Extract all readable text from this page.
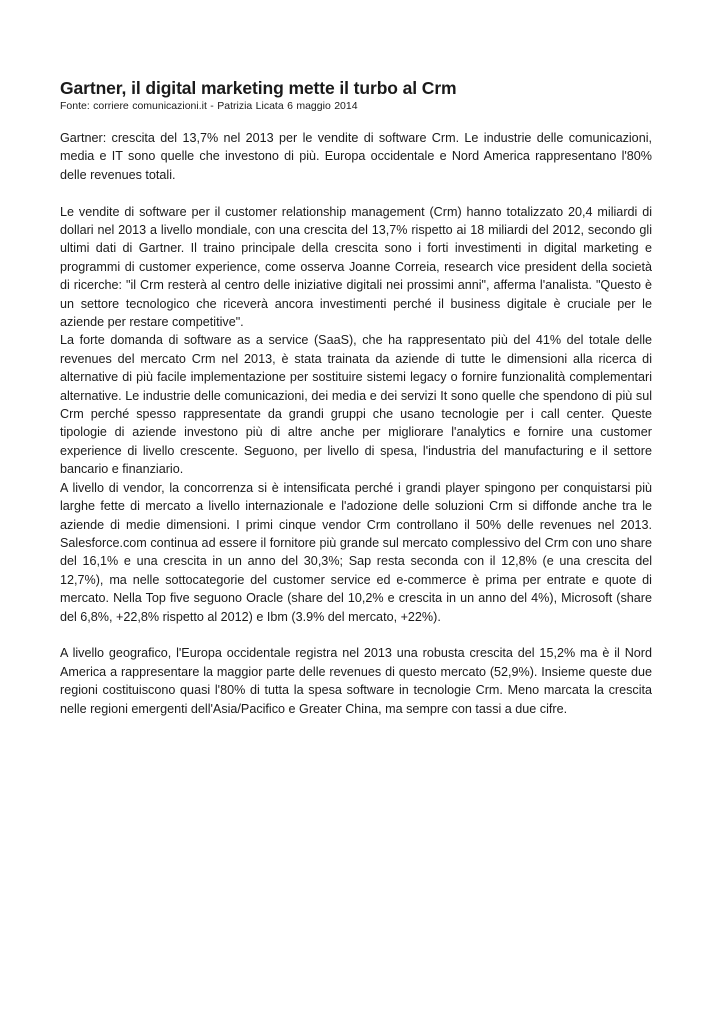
Gartner, il digital marketing mette il turbo al Crm

Fonte: corriere comunicazioni.it - Patrizia Licata 6 maggio 2014

Gartner: crescita del 13,7% nel 2013 per le vendite di software Crm. Le industrie delle comunicazioni, media e IT sono quelle che investono di più. Europa occidentale e Nord America rappresentano l'80% delle revenues totali.

Le vendite di software per il customer relationship management (Crm) hanno totalizzato 20,4 miliardi di dollari nel 2013 a livello mondiale, con una crescita del 13,7% rispetto ai 18 miliardi del 2012, secondo gli ultimi dati di Gartner. Il traino principale della crescita sono i forti investimenti in digital marketing e programmi di customer experience, come osserva Joanne Correia, research vice president della società di ricerche: "il Crm resterà al centro delle iniziative digitali nei prossimi anni", afferma l'analista. "Questo è un settore tecnologico che riceverà ancora investimenti perché il business digitale è cruciale per le aziende per restare competitive".

La forte domanda di software as a service (SaaS), che ha rappresentato più del 41% del totale delle revenues del mercato Crm nel 2013, è stata trainata da aziende di tutte le dimensioni alla ricerca di alternative di più facile implementazione per sostituire sistemi legacy o fornire funzionalità complementari alternative. Le industrie delle comunicazioni, dei media e dei servizi It sono quelle che spendono di più sul Crm perché spesso rappresentate da grandi gruppi che usano tecnologie per i call center. Queste tipologie di aziende investono più di altre anche per migliorare l'analytics e fornire una customer experience di livello crescente. Seguono, per livello di spesa, l'industria del manufacturing e il settore bancario e finanziario.

A livello di vendor, la concorrenza si è intensificata perché i grandi player spingono per conquistarsi più larghe fette di mercato a livello internazionale e l'adozione delle soluzioni Crm si diffonde anche tra le aziende di medie dimensioni. I primi cinque vendor Crm controllano il 50% delle revenues nel 2013. Salesforce.com continua ad essere il fornitore più grande sul mercato complessivo del Crm con uno share del 16,1% e una crescita in un anno del 30,3%; Sap resta seconda con il 12,8% (e una crescita del 12,7%), ma nelle sottocategorie del customer service ed e-commerce è prima per entrate e quote di mercato. Nella Top five seguono Oracle (share del 10,2% e crescita in un anno del 4%), Microsoft (share del 6,8%, +22,8% rispetto al 2012) e Ibm (3.9% del mercato, +22%).

A livello geografico, l'Europa occidentale registra nel 2013 una robusta crescita del 15,2% ma è il Nord America a rappresentare la maggior parte delle revenues di questo mercato (52,9%). Insieme queste due regioni costituiscono quasi l'80% di tutta la spesa software in tecnologie Crm. Meno marcata la crescita nelle regioni emergenti dell'Asia/Pacifico e Greater China, ma sempre con tassi a due cifre.
